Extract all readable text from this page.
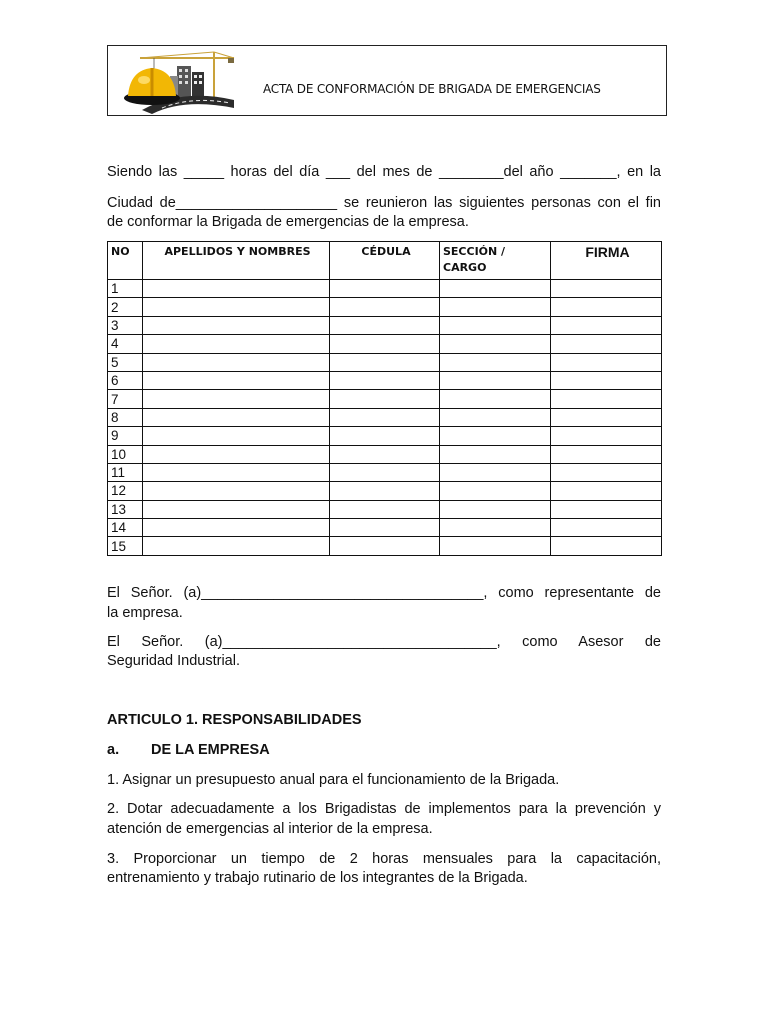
ACTA DE CONFORMACIÓN DE BRIGADA DE EMERGENCIAS
Siendo las _____ horas del día ___ del mes de ________del año _______, en la
Ciudad de____________________ se reunieron las siguientes personas con el fin
de conformar la Brigada de emergencias de la empresa.
NO	APELLIDOS Y NOMBRES	CÉDULA	SECCIÓN / CARGO	FIRMA
1				
2				
3				
4				
5				
6				
7				
8				
9				
10				
11				
12				
13				
14				
15				
El Señor. (a)___________________________________, como representante de
la empresa.
El Señor. (a)__________________________________, como Asesor de
Seguridad Industrial.
ARTICULO 1. RESPONSABILIDADES
a.	DE LA EMPRESA
1. Asignar un presupuesto anual para el funcionamiento de la Brigada.
2. Dotar adecuadamente a los Brigadistas de implementos para la prevención y
atención de emergencias al interior de la empresa.
3. Proporcionar un tiempo de 2 horas mensuales para la capacitación,
entrenamiento y trabajo rutinario de los integrantes de la Brigada.
